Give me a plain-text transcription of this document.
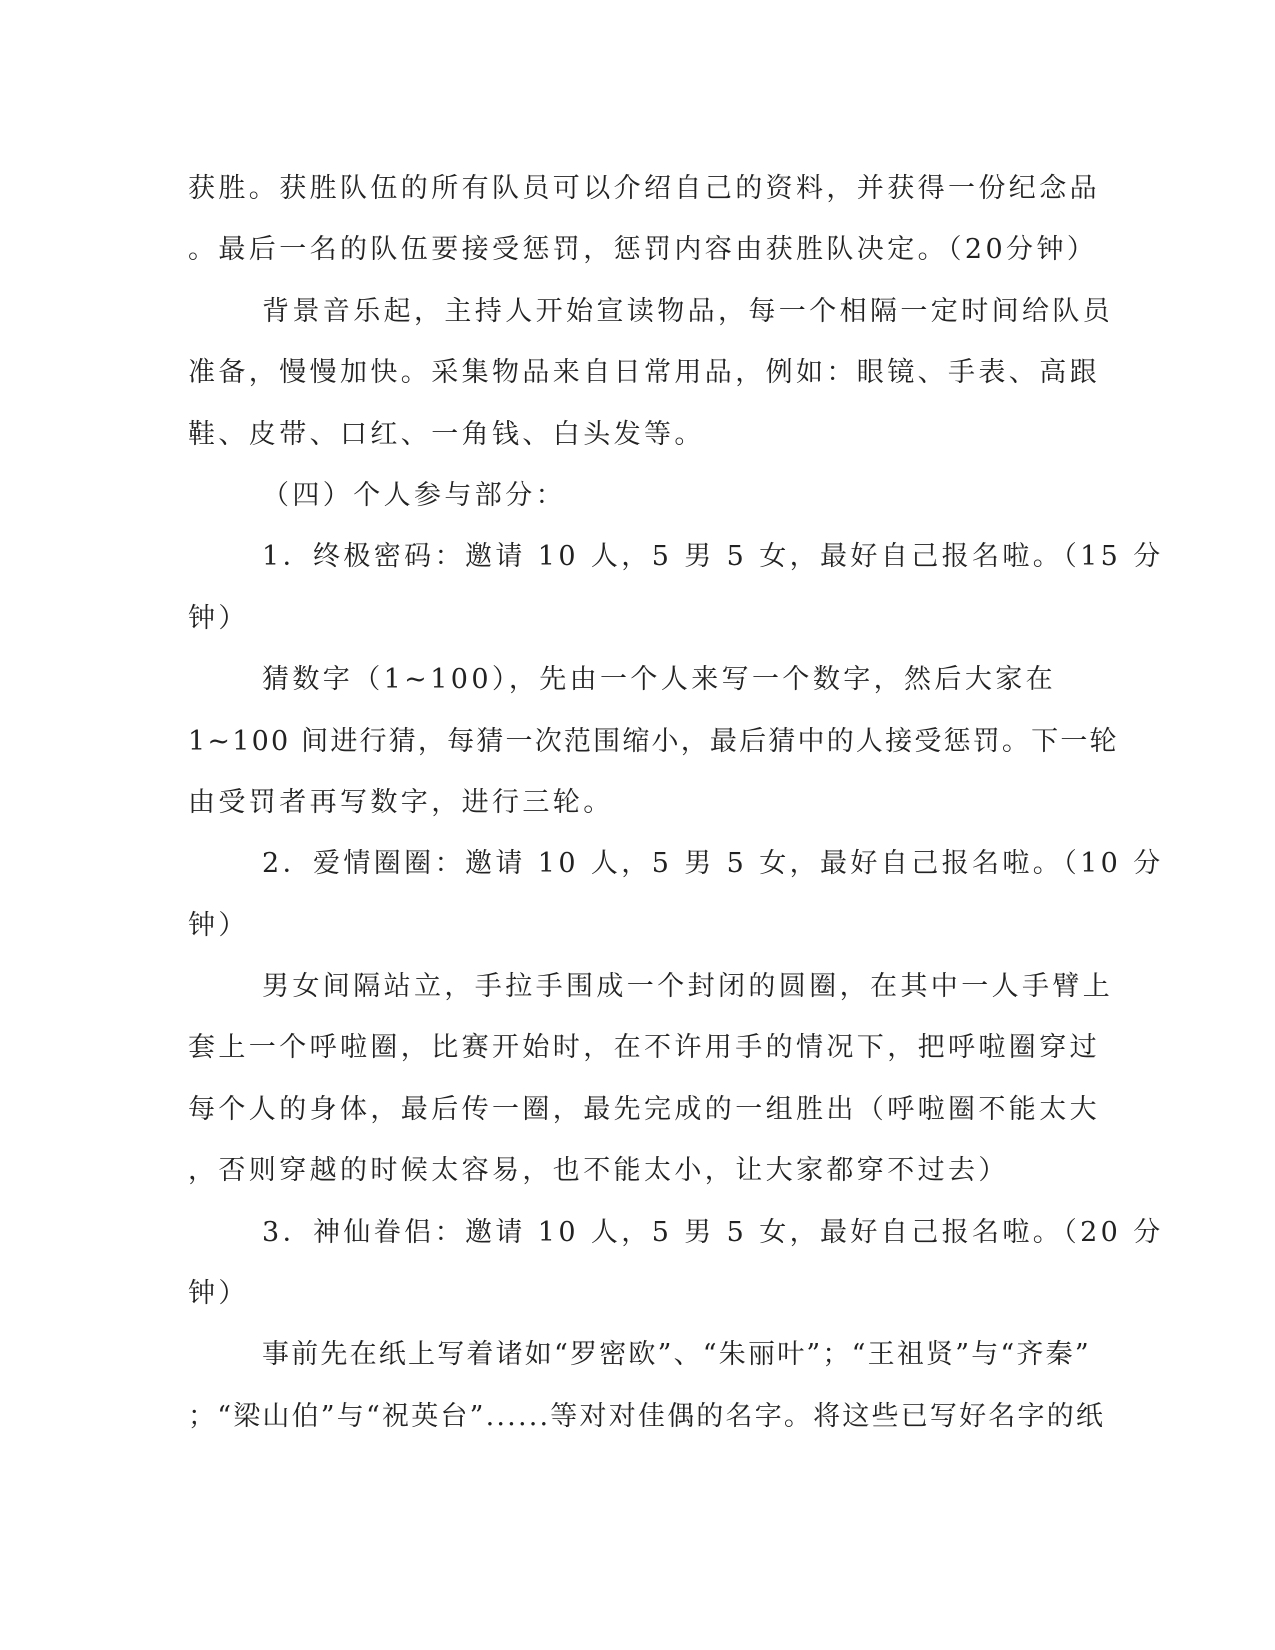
获胜。获胜队伍的所有队员可以介绍自己的资料，并获得一份纪念品
。最后一名的队伍要接受惩罚，惩罚内容由获胜队决定。（20分钟）
背景音乐起，主持人开始宣读物品，每一个相隔一定时间给队员
准备，慢慢加快。采集物品来自日常用品，例如：眼镜、手表、高跟
鞋、皮带、口红、一角钱、白头发等。
（四）个人参与部分：
1．终极密码：邀请 10 人，5 男 5 女，最好自己报名啦。（15 分
钟）
猜数字（1~100），先由一个人来写一个数字，然后大家在
1~100 间进行猜，每猜一次范围缩小，最后猜中的人接受惩罚。下一轮
由受罚者再写数字，进行三轮。
2．爱情圈圈：邀请 10 人，5 男 5 女，最好自己报名啦。（10 分
钟）
男女间隔站立，手拉手围成一个封闭的圆圈，在其中一人手臂上
套上一个呼啦圈，比赛开始时，在不许用手的情况下，把呼啦圈穿过
每个人的身体，最后传一圈，最先完成的一组胜出（呼啦圈不能太大
，否则穿越的时候太容易，也不能太小，让大家都穿不过去）
3．神仙眷侣：邀请 10 人，5 男 5 女，最好自己报名啦。（20 分
钟）
事前先在纸上写着诸如“罗密欧”、“朱丽叶”；“王祖贤”与“齐秦”
；“梁山伯”与“祝英台”......等对对佳偶的名字。将这些已写好名字的纸
